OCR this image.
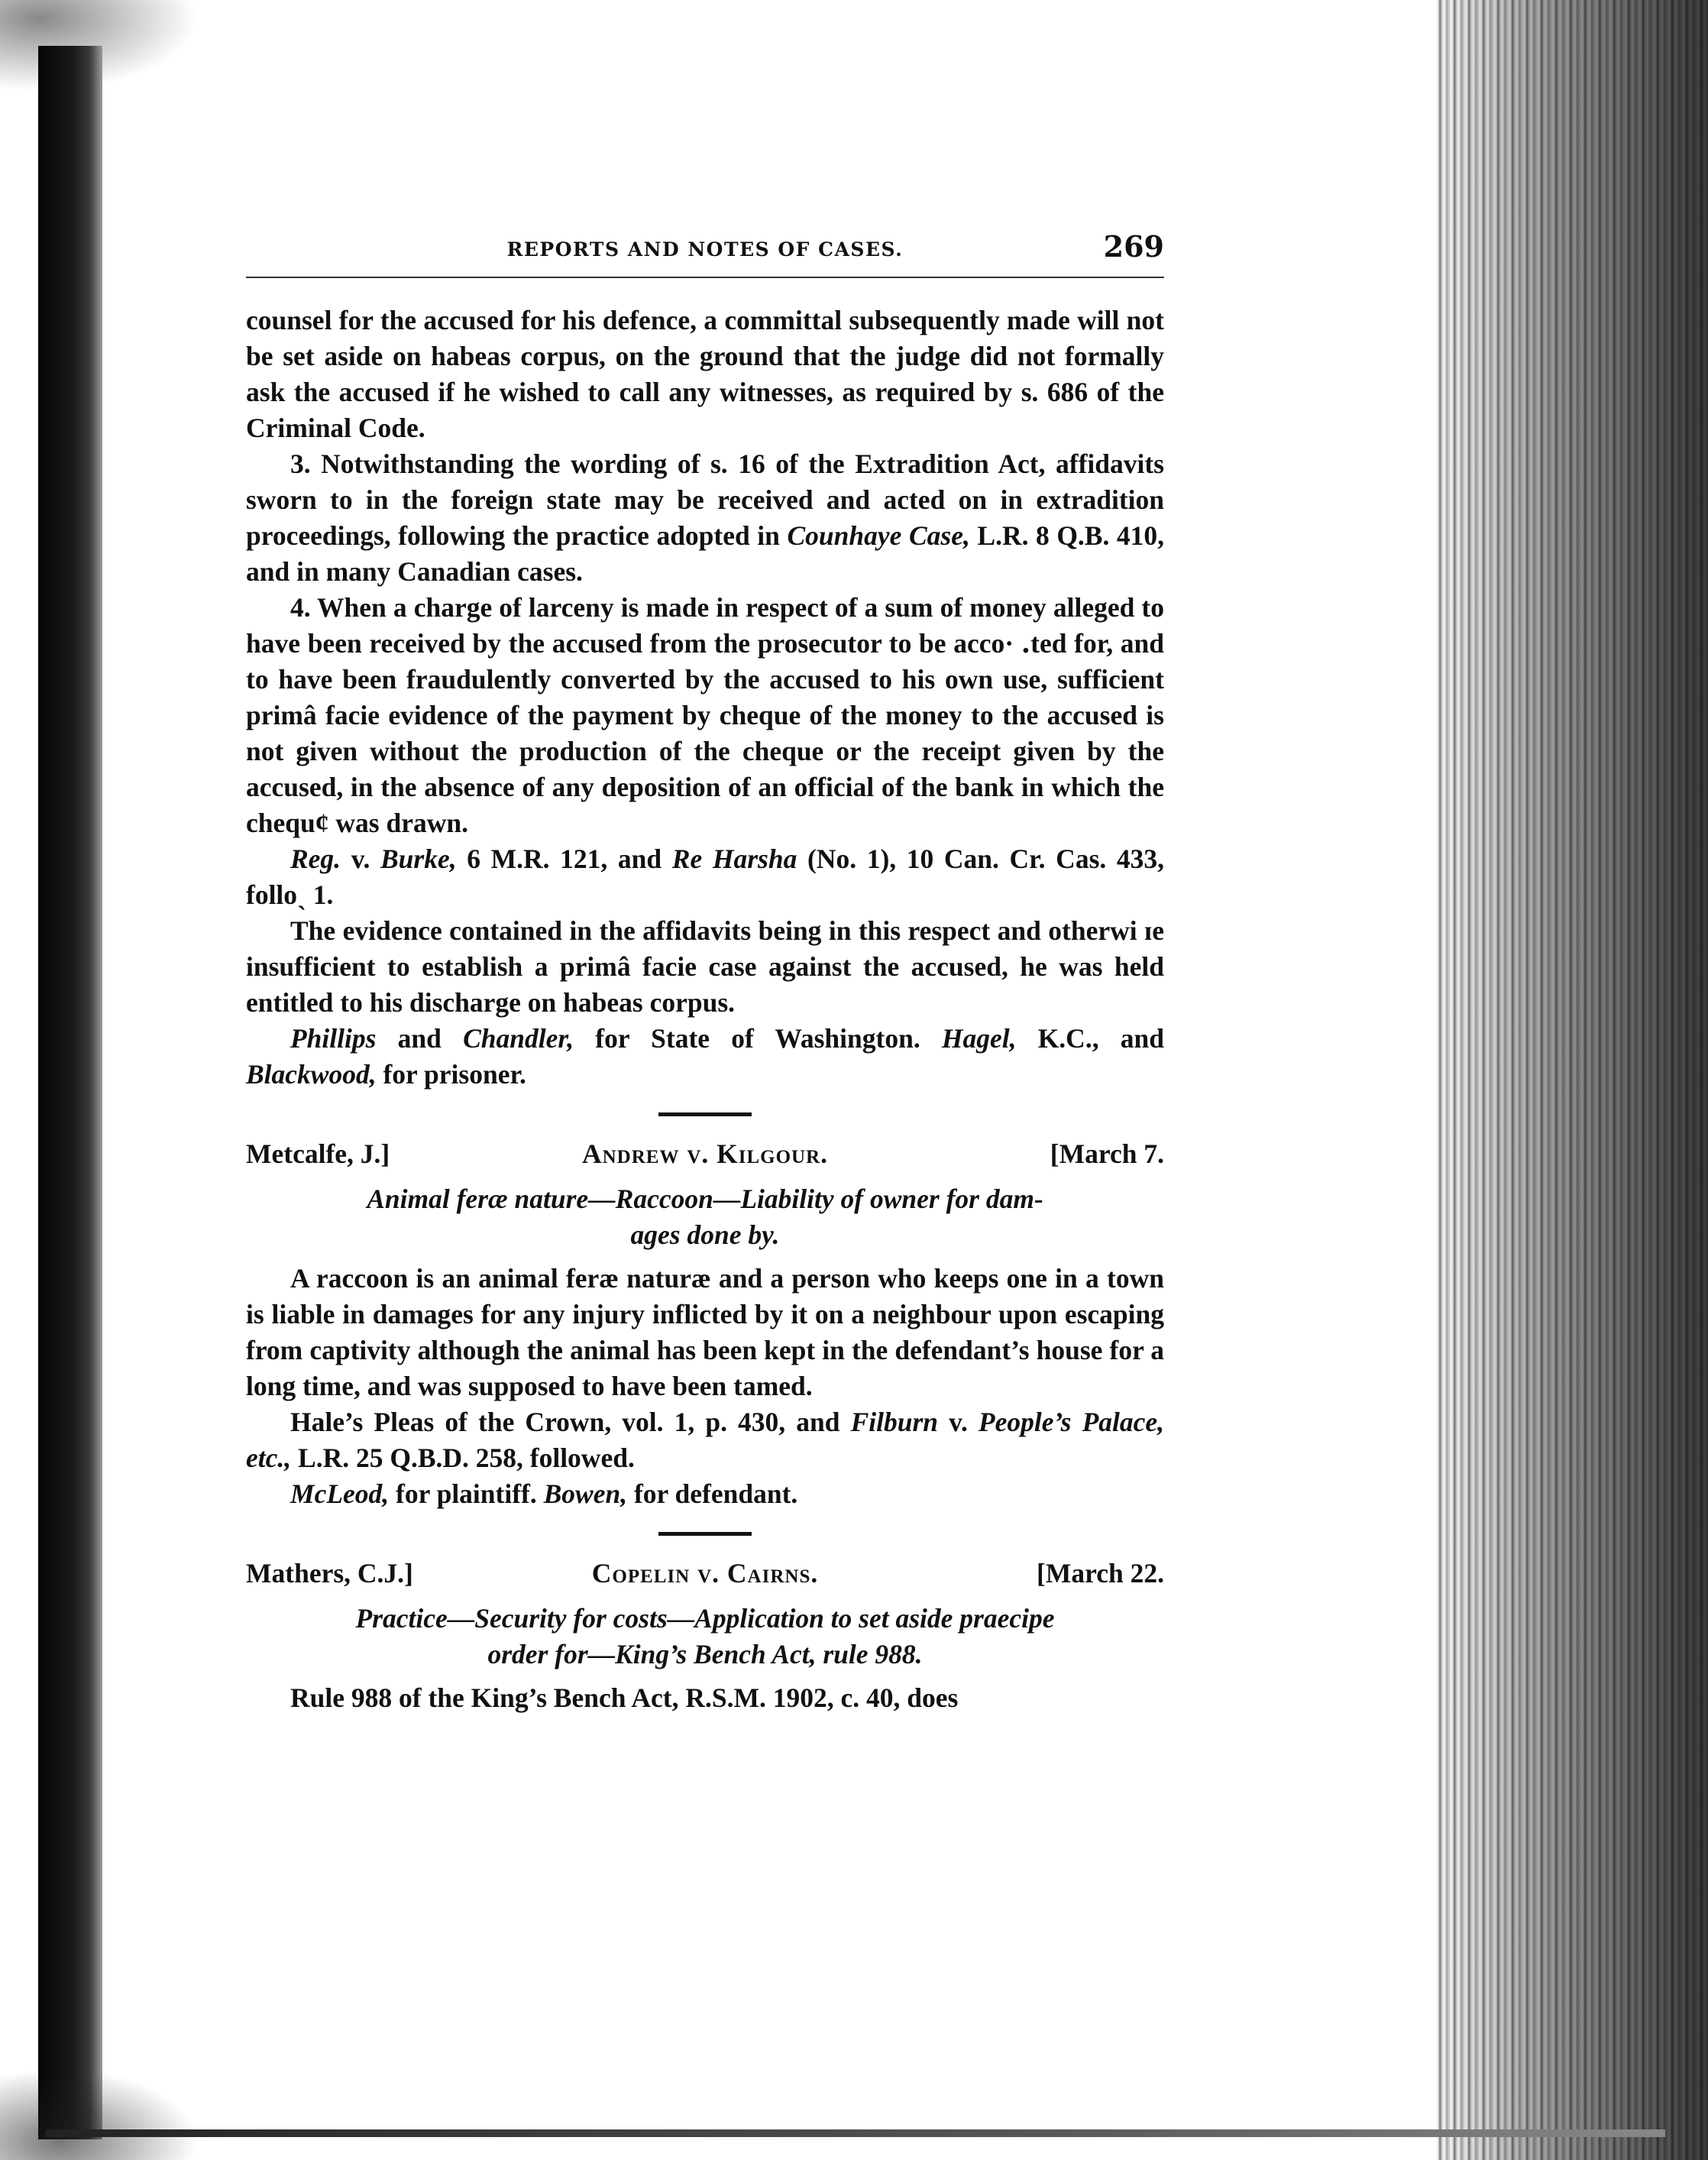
REPORTS AND NOTES OF CASES.	269

counsel for the accused for his defence, a committal subsequently made will not be set aside on habeas corpus, on the ground that the judge did not formally ask the accused if he wished to call any witnesses, as required by s. 686 of the Criminal Code.

3. Notwithstanding the wording of s. 16 of the Extradition Act, affidavits sworn to in the foreign state may be received and acted on in extradition proceedings, following the practice adopted in Counhaye Case, L.R. 8 Q.B. 410, and in many Canadian cases.

4. When a charge of larceny is made in respect of a sum of money alleged to have been received by the accused from the prosecutor to be acco· ․ted for, and to have been fraudulently converted by the accused to his own use, sufficient primâ facie evidence of the payment by cheque of the money to the accused is not given without the production of the cheque or the receipt given by the accused, in the absence of any deposition of an official of the bank in which the chequ¢ was drawn.

Reg. v. Burke, 6 M.R. 121, and Re Harsha (No. 1), 10 Can. Cr. Cas. 433, folloˎ 1.

The evidence contained in the affidavits being in this respect and otherwi ɪe insufficient to establish a primâ facie case against the accused, he was held entitled to his discharge on habeas corpus.

Phillips and Chandler, for State of Washington. Hagel, K.C., and Blackwood, for prisoner.

Metcalfe, J.]	Andrew v. Kilgour.	[March 7.
Animal feræ nature—Raccoon—Liability of owner for dam-
ages done by.

A raccoon is an animal feræ naturæ and a person who keeps one in a town is liable in damages for any injury inflicted by it on a neighbour upon escaping from captivity although the animal has been kept in the defendant’s house for a long time, and was supposed to have been tamed.

Hale’s Pleas of the Crown, vol. 1, p. 430, and Filburn v. People’s Palace, etc., L.R. 25 Q.B.D. 258, followed.

McLeod, for plaintiff. Bowen, for defendant.

Mathers, C.J.]	Copelin v. Cairns.	[March 22.
Practice—Security for costs—Application to set aside praecipe
order for—King’s Bench Act, rule 988.

Rule 988 of the King’s Bench Act, R.S.M. 1902, c. 40, does
